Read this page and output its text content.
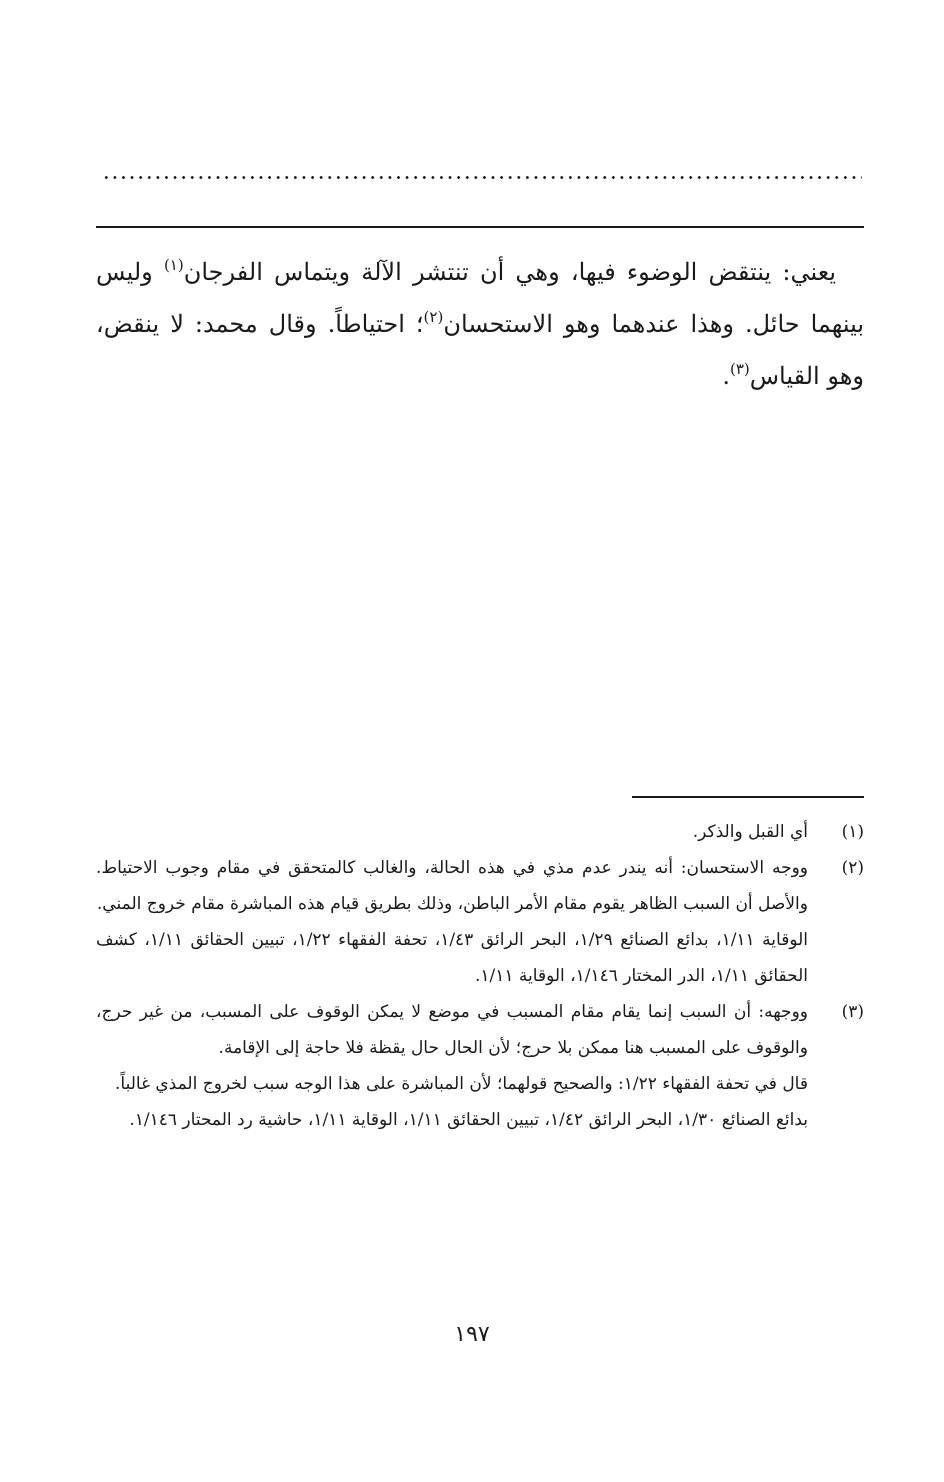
يعني: ينتقض الوضوء فيها، وهي أن تنتشر الآلة ويتماس الفرجان$^{(١)}$ وليس بينهما حائل. وهذا عندهما وهو الاستحسان$^{(٢)}$؛ احتياطاً. وقال محمد: لا ينقض، وهو القياس$^{(٣)}$.

(١)

أي القبل والذكر.

(٢)

ووجه الاستحسان: أنه يندر عدم مذي في هذه الحالة، والغالب كالمتحقق في مقام وجوب الاحتياط. والأصل أن السبب الظاهر يقوم مقام الأمر الباطن، وذلك بطريق قيام هذه المباشرة مقام خروج المني.

الوقاية ١/١١، بدائع الصنائع ١/٢٩، البحر الرائق ١/٤٣، تحفة الفقهاء ١/٢٢، تبيين الحقائق ١/١١، كشف الحقائق ١/١١، الدر المختار ١/١٤٦، الوقاية ١/١١.

(٣)

ووجهه: أن السبب إنما يقام مقام المسبب في موضع لا يمكن الوقوف على المسبب، من غير حرج، والوقوف على المسبب هنا ممكن بلا حرج؛ لأن الحال حال يقظة فلا حاجة إلى الإقامة.

قال في تحفة الفقهاء ١/٢٢: والصحيح قولهما؛ لأن المباشرة على هذا الوجه سبب لخروج المذي غالباً.

بدائع الصنائع ١/٣٠، البحر الرائق ١/٤٢، تبيين الحقائق ١/١١، الوقاية ١/١١، حاشية رد المحتار ١/١٤٦.

١٩٧
